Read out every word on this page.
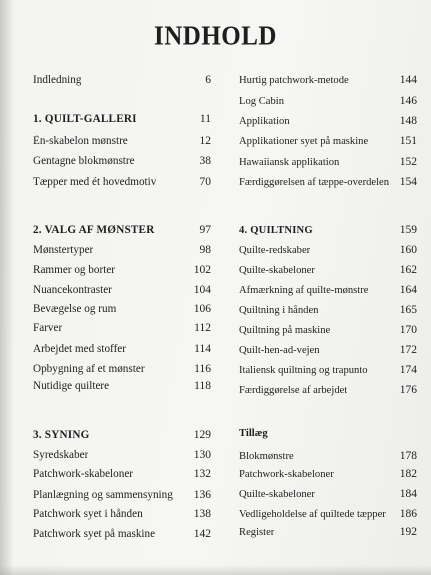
INDHOLD
Indledning	6
1. QUILT-GALLERI	11
Èn-skabelon mønstre	12
Gentagne blokmønstre	38
Tæpper med ét hovedmotiv	70
2. VALG AF MØNSTER	97
Mønstertyper	98
Rammer og borter	102
Nuancekontraster	104
Bevægelse og rum	106
Farver	112
Arbejdet med stoffer	114
Opbygning af et mønster	116
Nutidige quiltere	118
3. SYNING	129
Syredskaber	130
Patchwork-skabeloner	132
Planlægning og sammensyning 136
Patchwork syet i hånden	138
Patchwork syet på maskine	142
Hurtig patchwork-metode	144
Log Cabin	146
Applikation	148
Applikationer syet på maskine	151
Hawaiiansk applikation	152
Færdiggørelsen af tæppe-overdelen 154
4. QUILTNING	159
Quilte-redskaber	160
Quilte-skabeloner	162
Afmærkning af quilte-mønstre	164
Quiltning i hånden	165
Quiltning på maskine	170
Quilt-hen-ad-vejen	172
Italiensk quiltning og trapunto	174
Færdiggørelse af arbejdet	176
Tillæg
Blokmønstre	178
Patchwork-skabeloner	182
Quilte-skabeloner	184
Vedligeholdelse af quiltede tæpper 186
Register	192
